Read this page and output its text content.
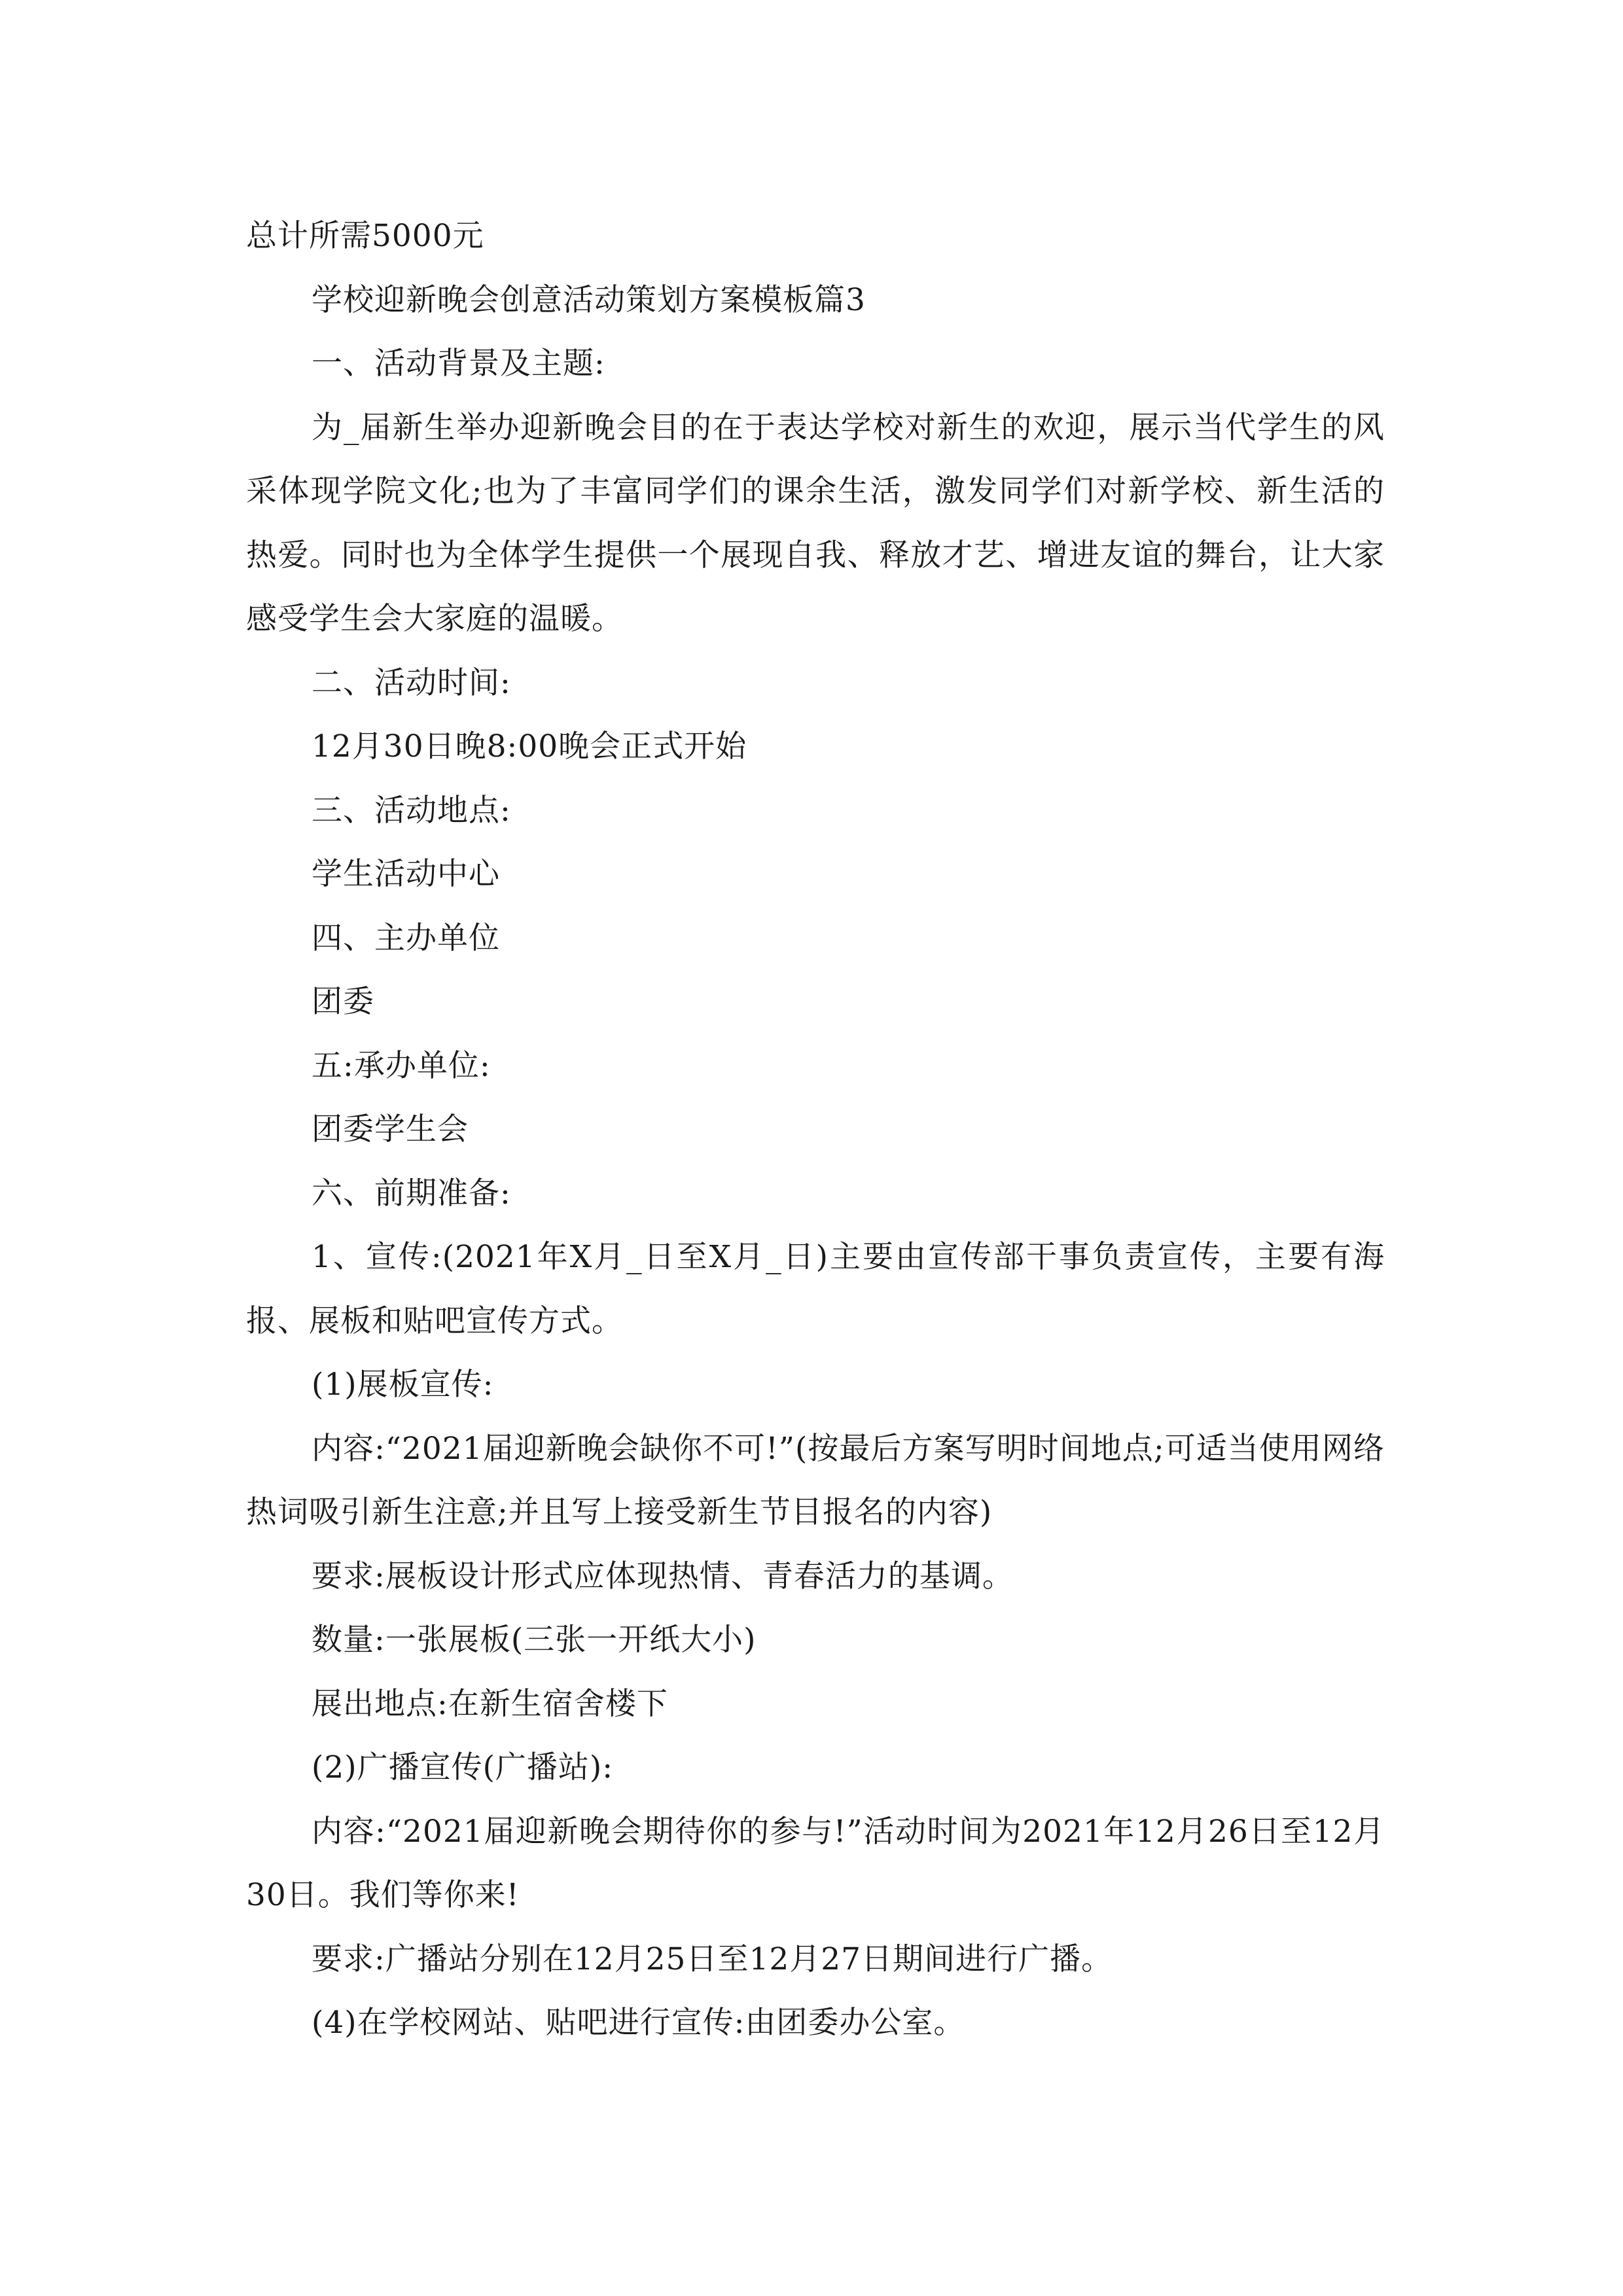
总计所需5000元

学校迎新晚会创意活动策划方案模板篇3

一、活动背景及主题:

为_届新生举办迎新晚会目的在于表达学校对新生的欢迎，展示当代学生的风采体现学院文化;也为了丰富同学们的课余生活，激发同学们对新学校、新生活的热爱。同时也为全体学生提供一个展现自我、释放才艺、增进友谊的舞台，让大家感受学生会大家庭的温暖。

二、活动时间:

12月30日晚8:00晚会正式开始

三、活动地点:

学生活动中心

四、主办单位

团委

五:承办单位:

团委学生会

六、前期准备:

1、宣传:(2021年X月_日至X月_日)主要由宣传部干事负责宣传，主要有海报、展板和贴吧宣传方式。

(1)展板宣传:

内容:“2021届迎新晚会缺你不可!”(按最后方案写明时间地点;可适当使用网络热词吸引新生注意;并且写上接受新生节目报名的内容)

要求:展板设计形式应体现热情、青春活力的基调。

数量:一张展板(三张一开纸大小)

展出地点:在新生宿舍楼下

(2)广播宣传(广播站):

内容:“2021届迎新晚会期待你的参与!”活动时间为2021年12月26日至12月30日。我们等你来!

要求:广播站分别在12月25日至12月27日期间进行广播。

(4)在学校网站、贴吧进行宣传:由团委办公室。
